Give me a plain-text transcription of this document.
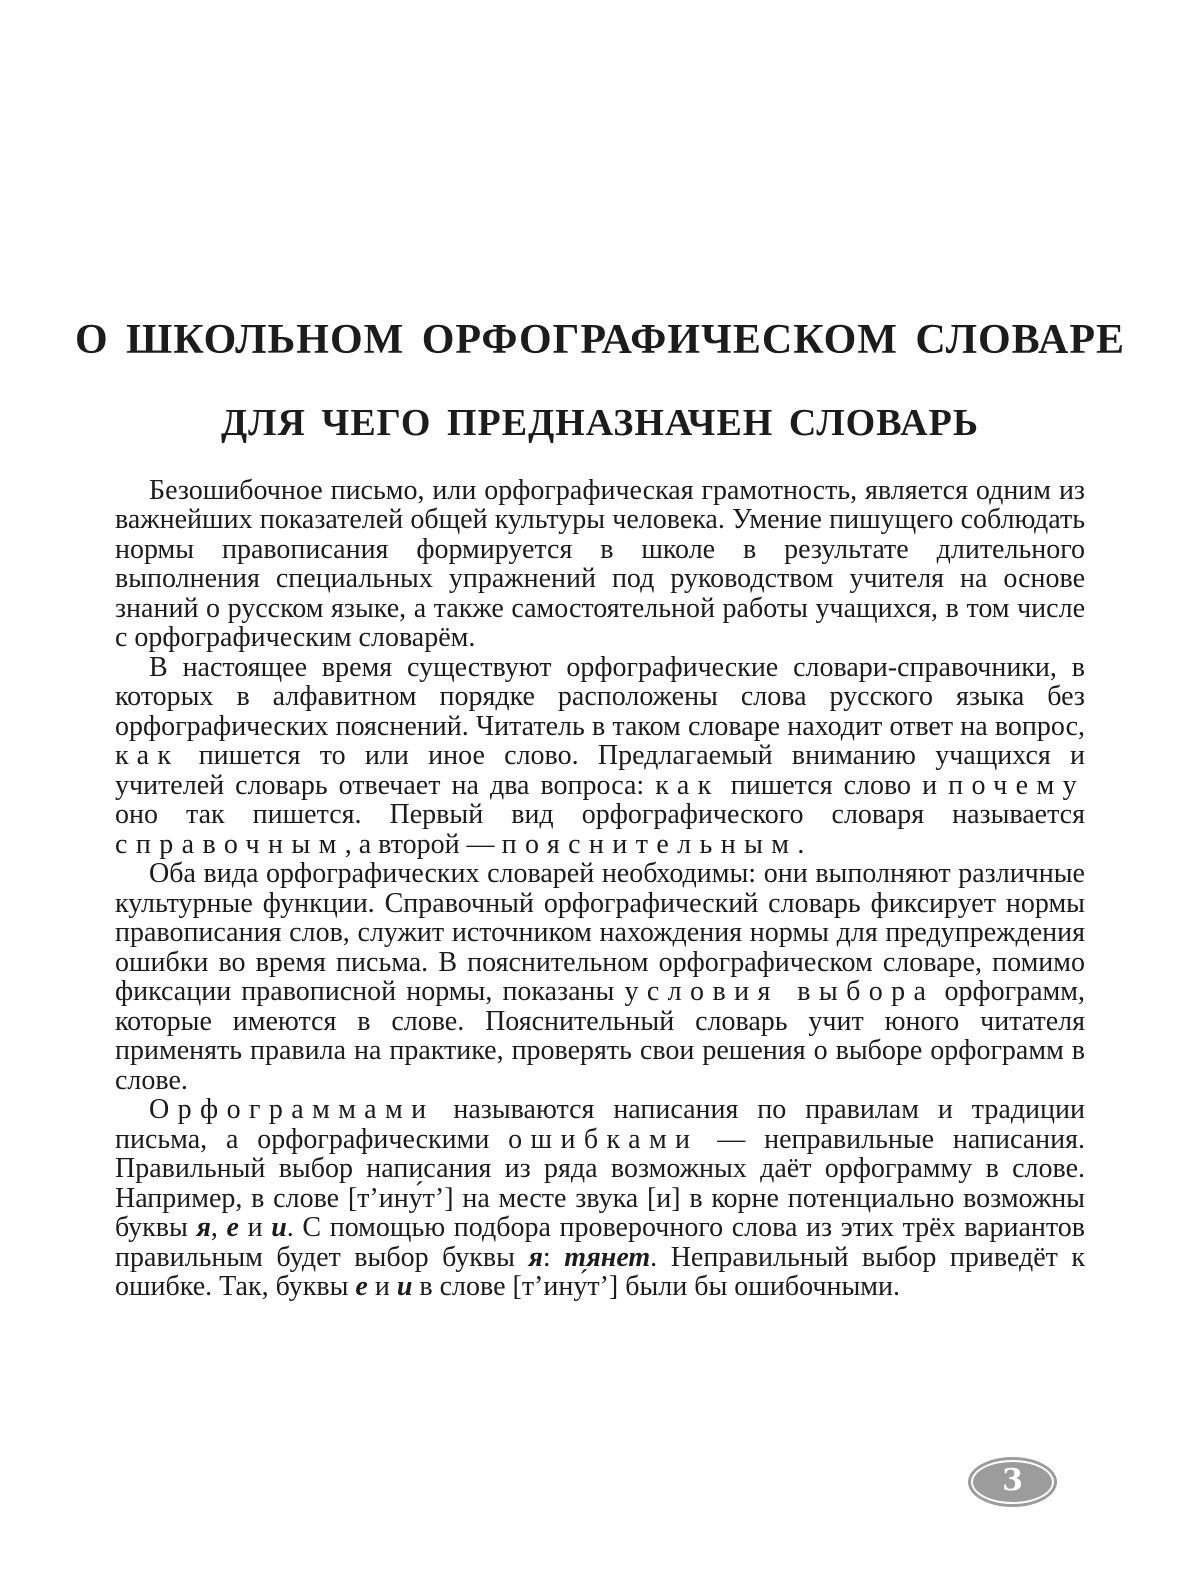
О ШКОЛЬНОМ ОРФОГРАФИЧЕСКОМ СЛОВАРЕ
ДЛЯ ЧЕГО ПРЕДНАЗНАЧЕН СЛОВАРЬ

Безошибочное письмо, или орфографическая грамотность, является одним из важнейших показателей общей культуры человека. Умение пишущего соблюдать нормы правописания формируется в школе в результате длительного выполнения специальных упражнений под руководством учителя на основе знаний о русском языке, а также самостоятельной работы учащихся, в том числе с орфографическим словарём.

В настоящее время существуют орфографические словари-справочники, в которых в алфавитном порядке расположены слова русского языка без орфографических пояснений. Читатель в таком словаре находит ответ на вопрос, как пишется то или иное слово. Предлагаемый вниманию учащихся и учителей словарь отвечает на два вопроса: как пишется слово и почему оно так пишется. Первый вид орфографического словаря называется справочным, а второй — пояснительным.

Оба вида орфографических словарей необходимы: они выполняют различные культурные функции. Справочный орфографический словарь фиксирует нормы правописания слов, служит источником нахождения нормы для предупреждения ошибки во время письма. В пояснительном орфографическом словаре, помимо фиксации правописной нормы, показаны условия выбора орфограмм, которые имеются в слове. Пояснительный словарь учит юного читателя применять правила на практике, проверять свои решения о выборе орфограмм в слове.

Орфограммами называются написания по правилам и традиции письма, а орфографическими ошибками — неправильные написания. Правильный выбор написания из ряда возможных даёт орфограмму в слове. Например, в слове [т’ину́т’] на месте звука [и] в корне потенциально возможны буквы я, е и и. С помощью подбора проверочного слова из этих трёх вариантов правильным будет выбор буквы я: тянет. Неправильный выбор приведёт к ошибке. Так, буквы е и и в слове [т’ину́т’] были бы ошибочными.

3
